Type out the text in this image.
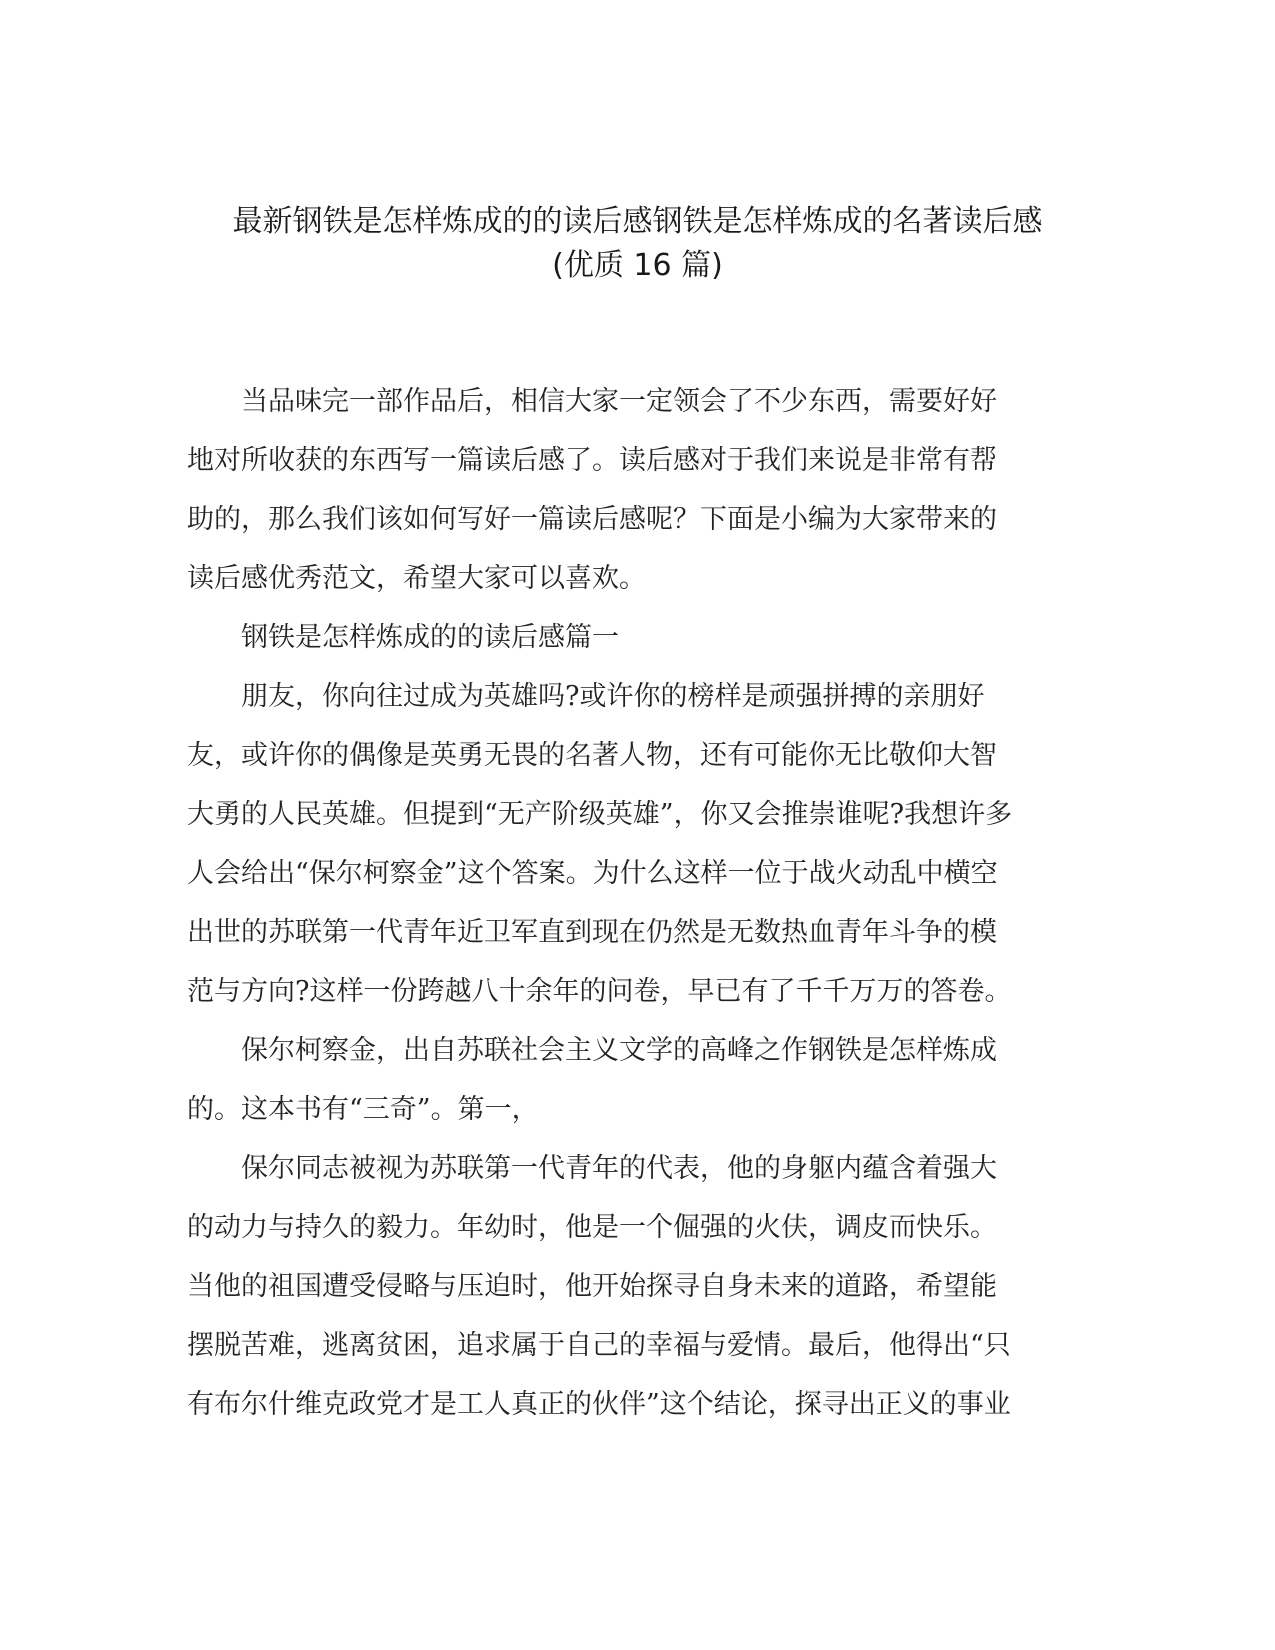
最新钢铁是怎样炼成的的读后感钢铁是怎样炼成的名著读后感
(优质 16 篇)

当品味完一部作品后，相信大家一定领会了不少东西，需要好好
地对所收获的东西写一篇读后感了。读后感对于我们来说是非常有帮
助的，那么我们该如何写好一篇读后感呢？下面是小编为大家带来的
读后感优秀范文，希望大家可以喜欢。

钢铁是怎样炼成的的读后感篇一

朋友，你向往过成为英雄吗?或许你的榜样是顽强拼搏的亲朋好
友，或许你的偶像是英勇无畏的名著人物，还有可能你无比敬仰大智
大勇的人民英雄。但提到“无产阶级英雄”，你又会推崇谁呢?我想许多
人会给出“保尔柯察金”这个答案。为什么这样一位于战火动乱中横空
出世的苏联第一代青年近卫军直到现在仍然是无数热血青年斗争的模
范与方向?这样一份跨越八十余年的问卷，早已有了千千万万的答卷。

保尔柯察金，出自苏联社会主义文学的高峰之作钢铁是怎样炼成
的。这本书有“三奇”。第一，

保尔同志被视为苏联第一代青年的代表，他的身躯内蕴含着强大
的动力与持久的毅力。年幼时，他是一个倔强的火伕，调皮而快乐。
当他的祖国遭受侵略与压迫时，他开始探寻自身未来的道路，希望能
摆脱苦难，逃离贫困，追求属于自己的幸福与爱情。最后，他得出“只
有布尔什维克政党才是工人真正的伙伴”这个结论，探寻出正义的事业
